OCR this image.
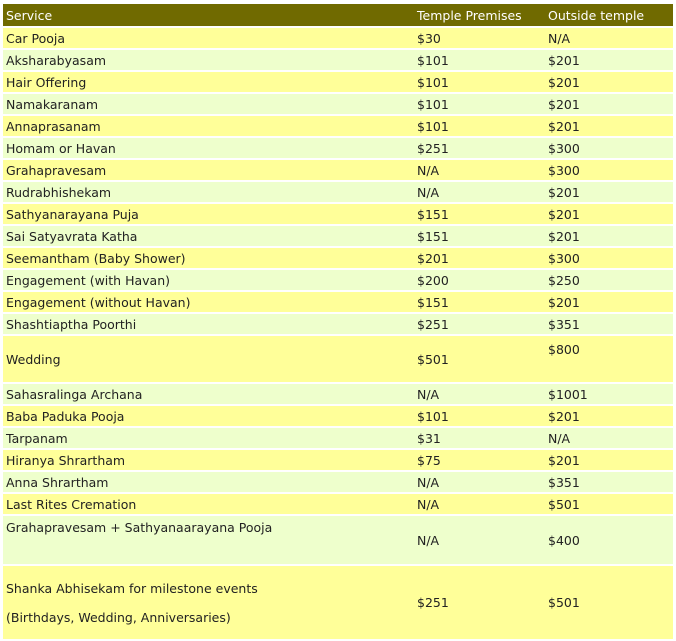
Service	Temple Premises	Outside temple
Car Pooja	$30	N/A
Aksharabyasam	$101	$201
Hair Offering	$101	$201
Namakaranam	$101	$201
Annaprasanam	$101	$201
Homam or Havan	$251	$300
Grahapravesam	N/A	$300
Rudrabhishekam	N/A	$201
Sathyanarayana Puja	$151	$201
Sai Satyavrata Katha	$151	$201
Seemantham (Baby Shower)	$201	$300
Engagement (with Havan)	$200	$250
Engagement (without Havan)	$151	$201
Shashtiaptha Poorthi	$251	$351
Wedding	$501	$800
Sahasralinga Archana	N/A	$1001
Baba Paduka Pooja	$101	$201
Tarpanam	$31	N/A
Hiranya Shrartham	$75	$201
Anna Shrartham	N/A	$351
Last Rites Cremation	N/A	$501
Grahapravesam + Sathyanaarayana Pooja	N/A	$400
Shanka Abhisekam for milestone events
(Birthdays, Wedding, Anniversaries)	$251	$501
